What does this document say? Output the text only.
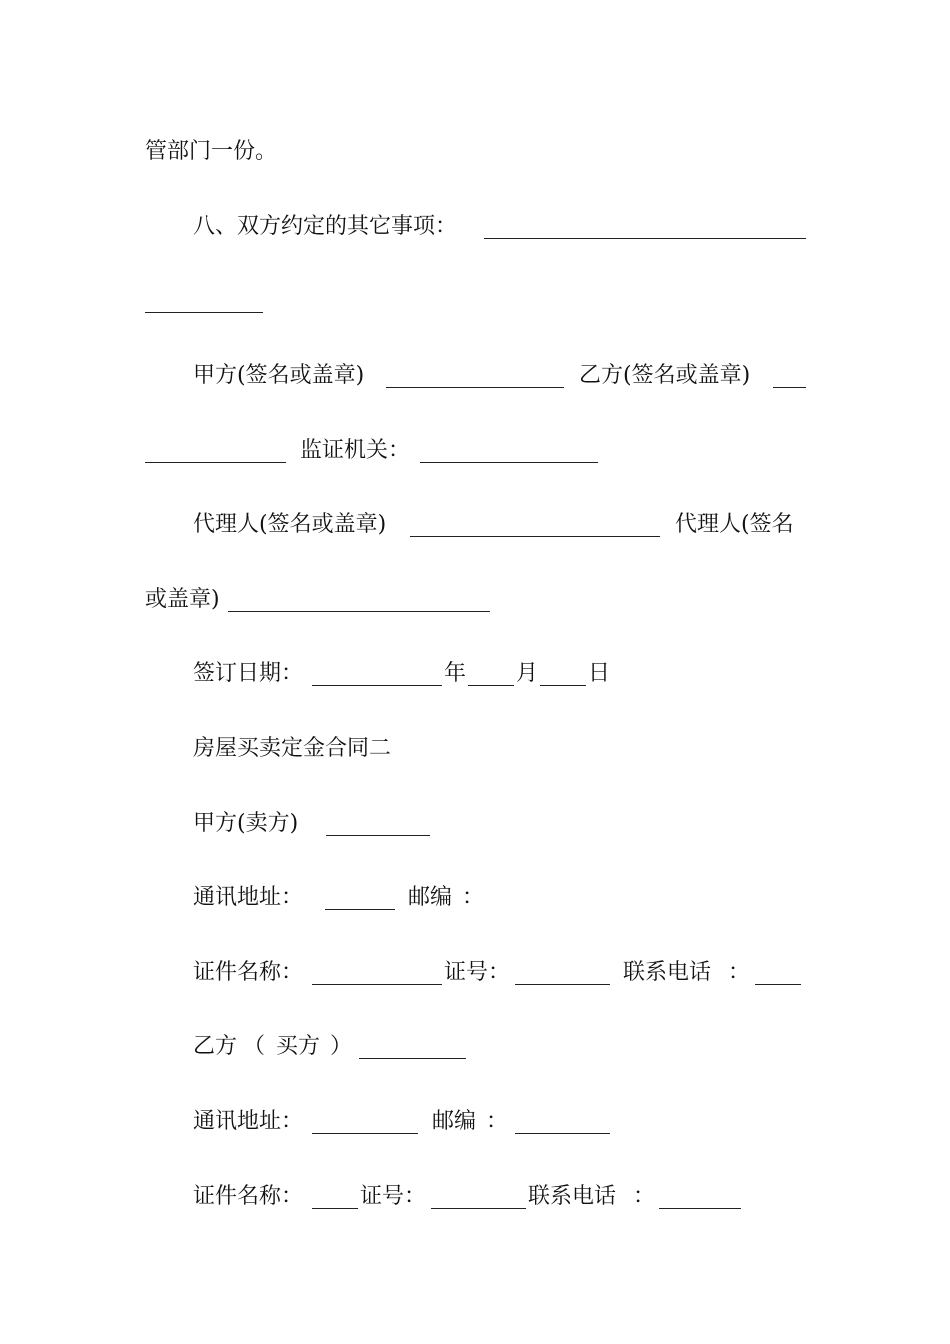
管部门一份。
八、双方约定的其它事项：
甲方(签名或盖章)	乙方(签名或盖章)
监证机关：
代理人(签名或盖章)	代理人(签名
或盖章)
签订日期：	年 月 日
房屋买卖定金合同二
甲方(卖方)
通讯地址：	邮编 ：
证件名称：	证号：	联系电话 ：
乙方 （ 买方 ）
通讯地址：	邮编 ：
证件名称：	证号：	联系电话 ：
